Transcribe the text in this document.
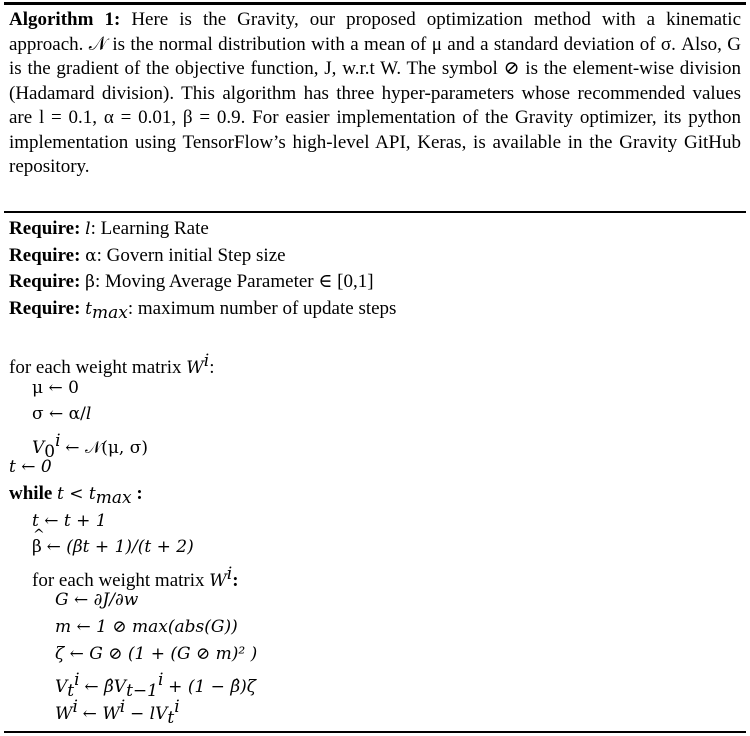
Algorithm 1: Here is the Gravity, our proposed optimization method with a kinematic approach. 𝒩 is the normal distribution with a mean of μ and a standard deviation of σ. Also, G is the gradient of the objective function, J, w.r.t W. The symbol ⊘ is the element-wise division (Hadamard division). This algorithm has three hyper-parameters whose recommended values are l = 0.1, α = 0.01, β = 0.9. For easier implementation of the Gravity optimizer, its python implementation using TensorFlow’s high-level API, Keras, is available in the Gravity GitHub repository.
Require: l: Learning Rate
Require: α: Govern initial Step size
Require: β: Moving Average Parameter ∈ [0,1]
Require: $t_{max}$: maximum number of update steps
for each weight matrix $W^i$:
μ ← 0
σ ← α/l
$V_0^i$ ← 𝒩(μ, σ)
t ← 0
while $t < t_{max}$ :
t ← t + 1
^ β ← (βt + 1)/(t + 2)
for each weight matrix $W^i$:
G ← ∂J/∂w
m ← 1 ⊘ max(abs(G))
ζ ← G ⊘ (1 + (G ⊘ m)² )
$V_t^i$ ← $\betâV_{t-1}^i + (1$ − β̂)ζ
$W^i$ ← $W^i - lV_t^i$
